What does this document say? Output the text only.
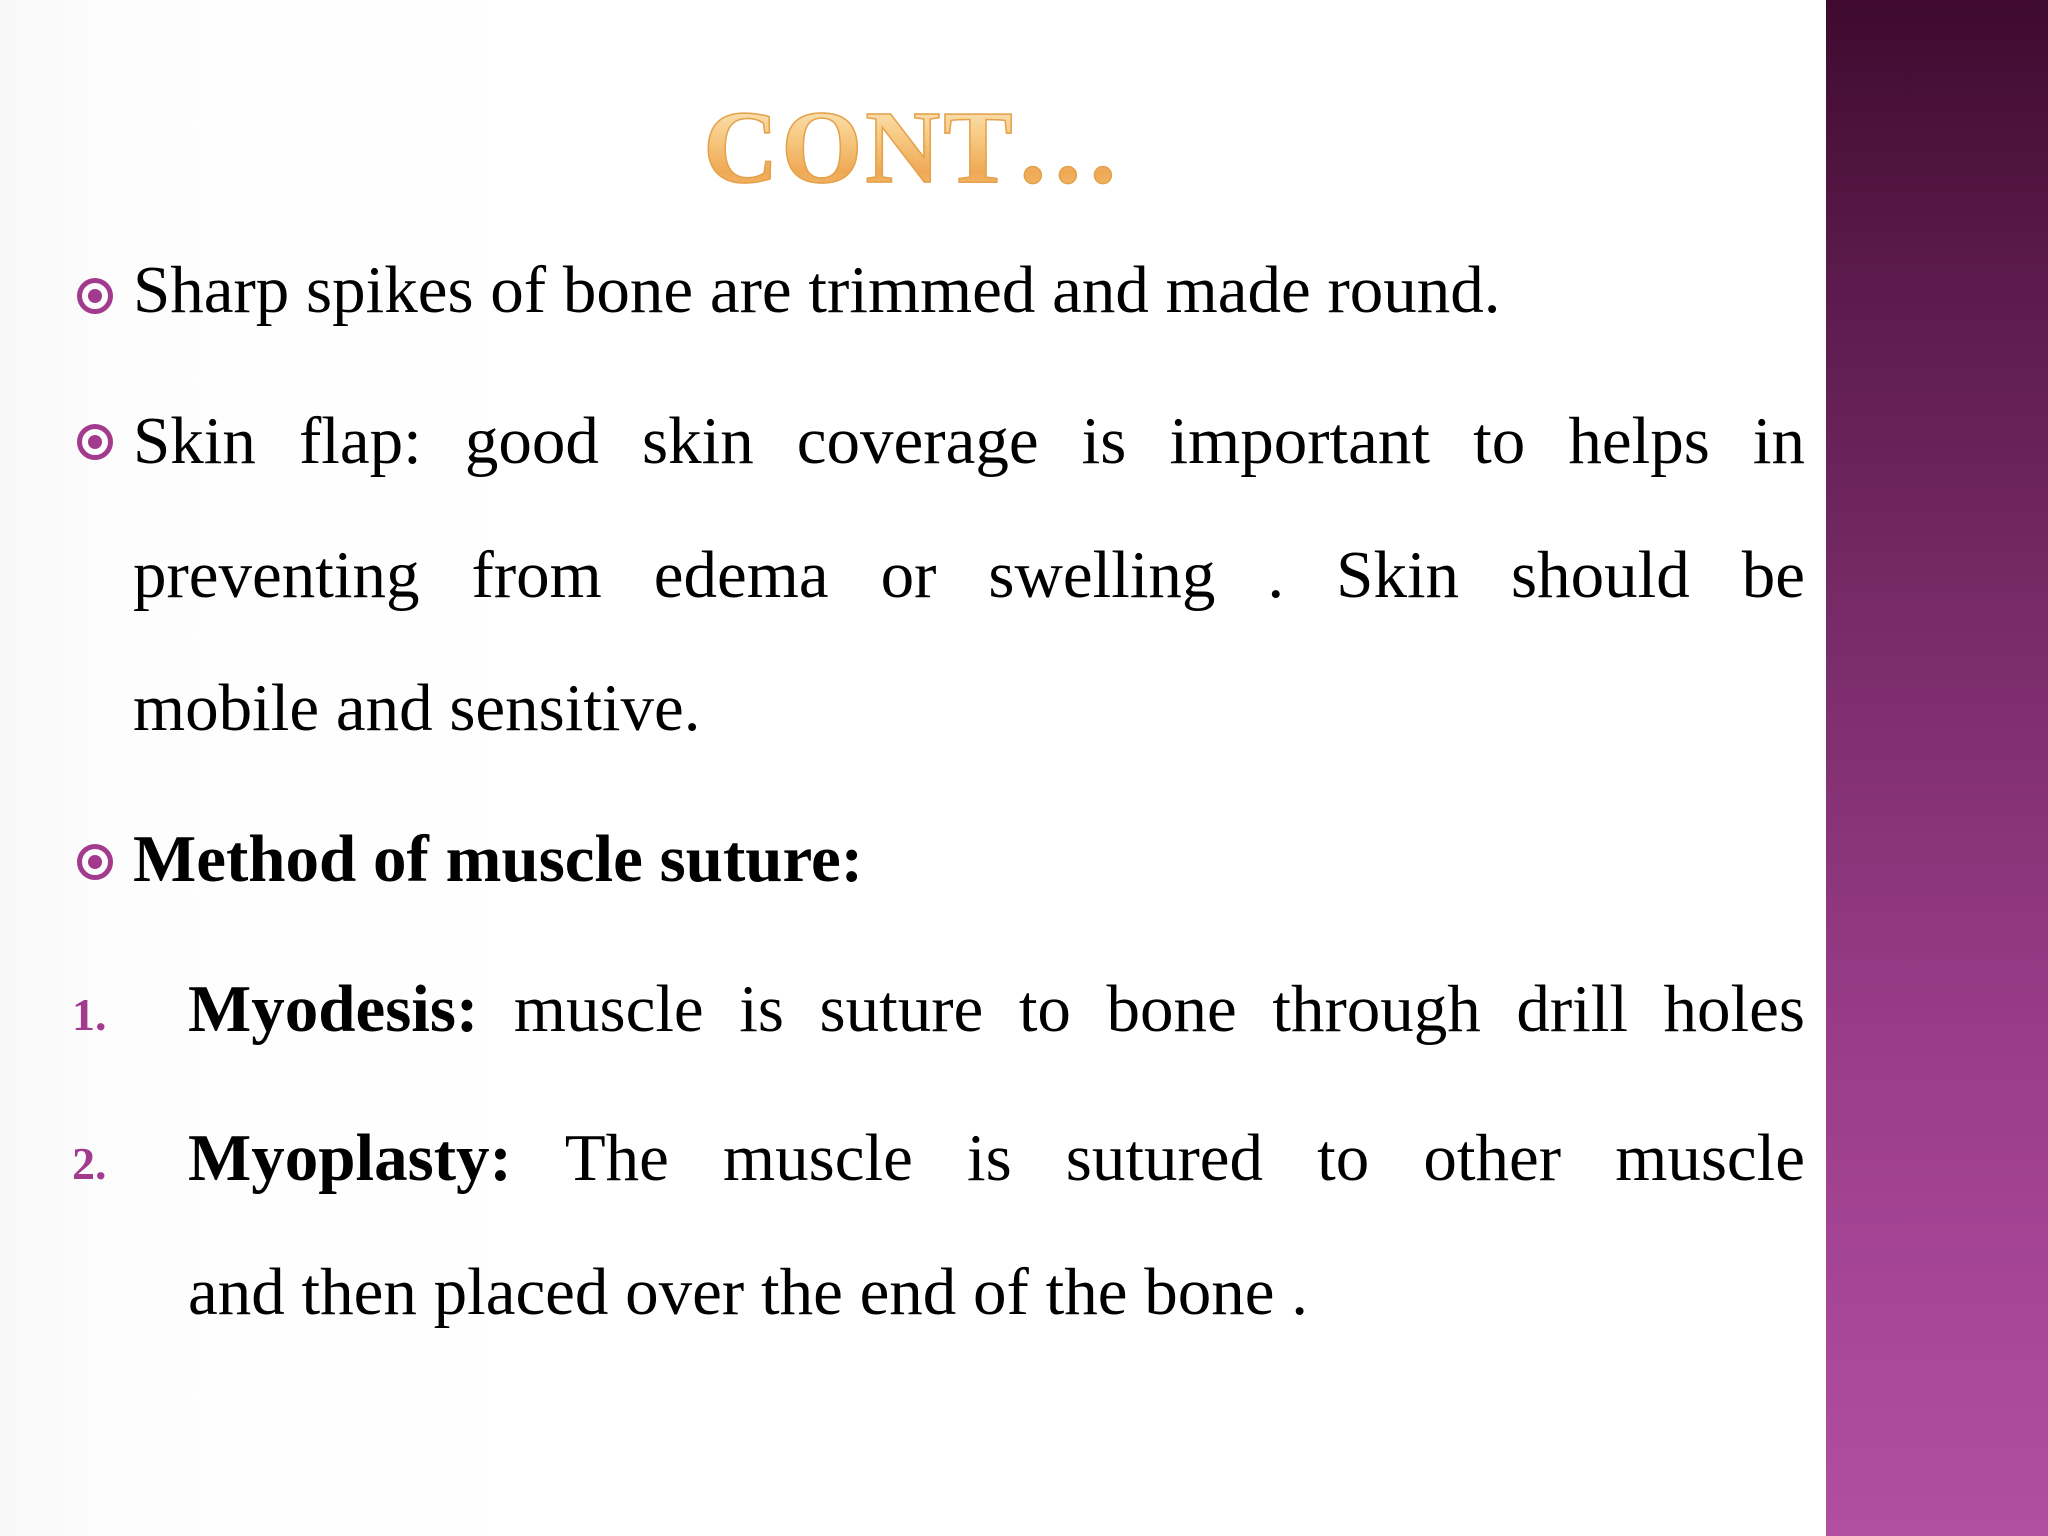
CONT…
Sharp spikes of bone are trimmed and made round.
Skin flap: good skin coverage is important to helps in
preventing from edema or swelling . Skin should be
mobile and sensitive.
Method of muscle suture:
1.	Myodesis: muscle is suture to bone through drill holes
2.	Myoplasty: The muscle is sutured to other muscle
and then placed over the end of the bone .
